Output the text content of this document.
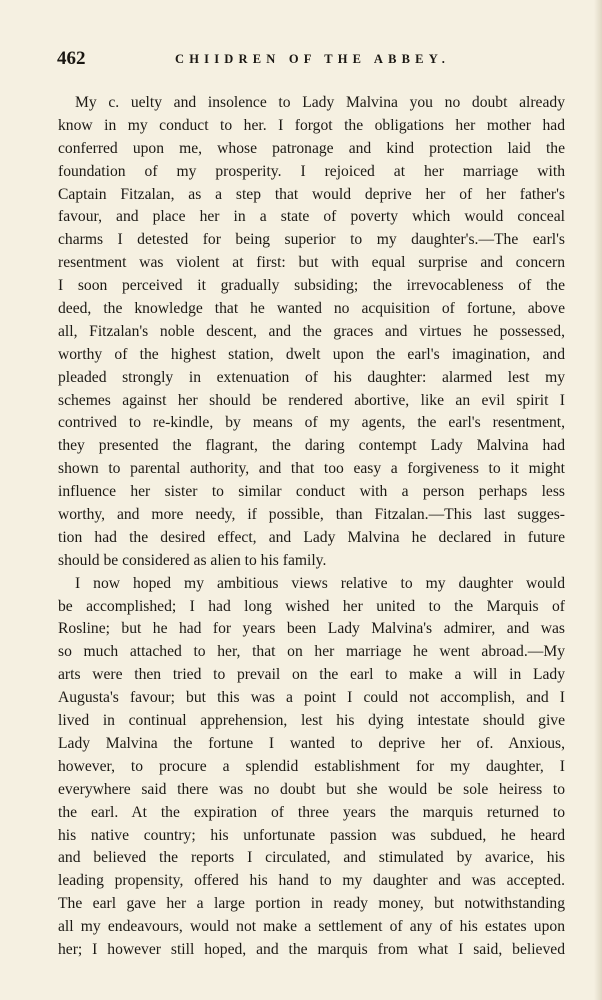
462	CHIIDREN OF THE ABBEY.
My c. uelty and insolence to Lady Malvina you no doubt already
know in my conduct to her. I forgot the obligations her mother had
conferred upon me, whose patronage and kind protection laid the
foundation of my prosperity. I rejoiced at her marriage with
Captain Fitzalan, as a step that would deprive her of her father's
favour, and place her in a state of poverty which would conceal
charms I detested for being superior to my daughter's.—The earl's
resentment was violent at first: but with equal surprise and concern
I soon perceived it gradually subsiding; the irrevocableness of the
deed, the knowledge that he wanted no acquisition of fortune, above
all, Fitzalan's noble descent, and the graces and virtues he possessed,
worthy of the highest station, dwelt upon the earl's imagination, and
pleaded strongly in extenuation of his daughter: alarmed lest my
schemes against her should be rendered abortive, like an evil spirit I
contrived to re-kindle, by means of my agents, the earl's resentment,
they presented the flagrant, the daring contempt Lady Malvina had
shown to parental authority, and that too easy a forgiveness to it might
influence her sister to similar conduct with a person perhaps less
worthy, and more needy, if possible, than Fitzalan.—This last sugges-
tion had the desired effect, and Lady Malvina he declared in future
should be considered as alien to his family.
I now hoped my ambitious views relative to my daughter would
be accomplished; I had long wished her united to the Marquis of
Rosline; but he had for years been Lady Malvina's admirer, and was
so much attached to her, that on her marriage he went abroad.—My
arts were then tried to prevail on the earl to make a will in Lady
Augusta's favour; but this was a point I could not accomplish, and I
lived in continual apprehension, lest his dying intestate should give
Lady Malvina the fortune I wanted to deprive her of. Anxious,
however, to procure a splendid establishment for my daughter, I
everywhere said there was no doubt but she would be sole heiress to
the earl. At the expiration of three years the marquis returned to
his native country; his unfortunate passion was subdued, he heard
and believed the reports I circulated, and stimulated by avarice, his
leading propensity, offered his hand to my daughter and was accepted.
The earl gave her a large portion in ready money, but notwithstanding
all my endeavours, would not make a settlement of any of his estates upon
her; I however still hoped, and the marquis from what I said, believed
